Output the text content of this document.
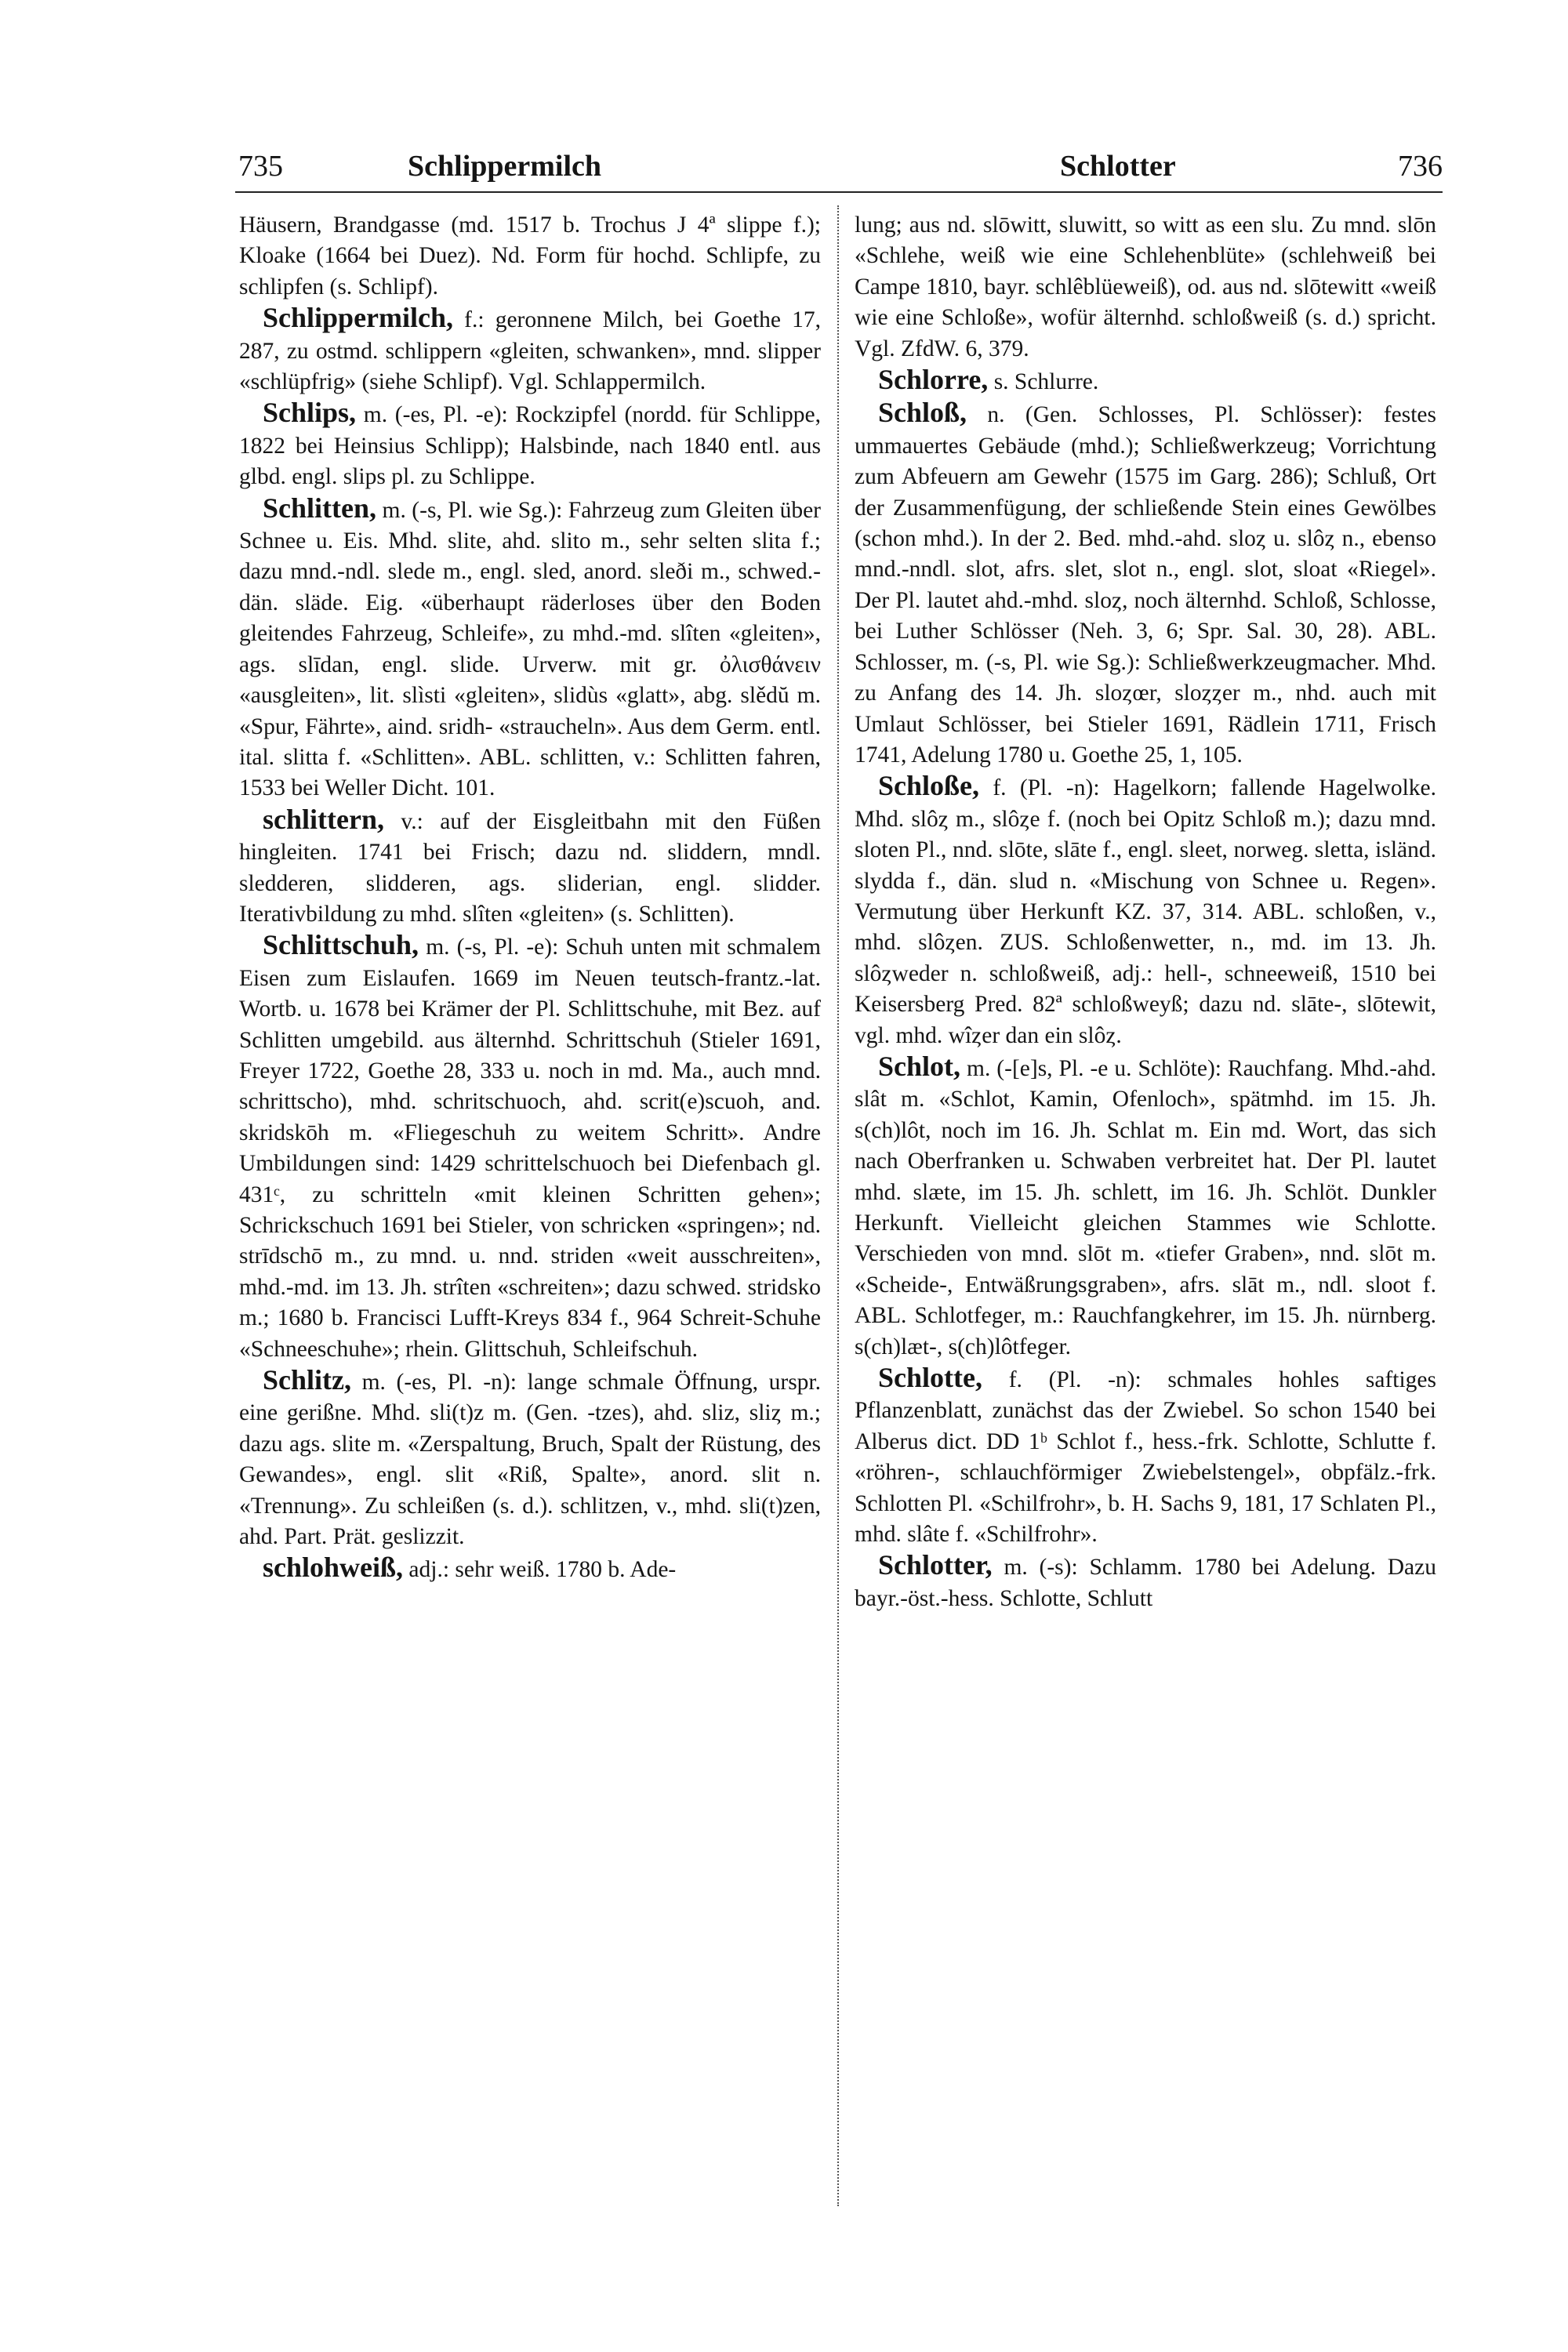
735	Schlippermilch	Schlotter	736

Häusern, Brandgasse (md. 1517 b. Trochus J 4ª slippe f.); Kloake (1664 bei Duez). Nd. Form für hochd. Schlipfe, zu schlipfen (s. Schlipf).

Schlippermilch, f.: geronnene Milch, bei Goethe 17, 287, zu ostmd. schlippern «gleiten, schwanken», mnd. slipper «schlüpfrig» (siehe Schlipf). Vgl. Schlappermilch.

Schlips, m. (-es, Pl. -e): Rockzipfel (nordd. für Schlippe, 1822 bei Heinsius Schlipp); Halsbinde, nach 1840 entl. aus glbd. engl. slips pl. zu Schlippe.

Schlitten, m. (-s, Pl. wie Sg.): Fahrzeug zum Gleiten über Schnee u. Eis. Mhd. slite, ahd. slito m., sehr selten slita f.; dazu mnd.-ndl. slede m., engl. sled, anord. sleði m., schwed.-dän. släde. Eig. «überhaupt räderloses über den Boden gleitendes Fahrzeug, Schleife», zu mhd.-md. slîten «gleiten», ags. slīdan, engl. slide. Urverw. mit gr. ὀλισθάνειν «ausgleiten», lit. slìsti «gleiten», slidùs «glatt», abg. slědŭ m. «Spur, Fährte», aind. sridh- «straucheln». Aus dem Germ. entl. ital. slitta f. «Schlitten». ABL. schlitten, v.: Schlitten fahren, 1533 bei Weller Dicht. 101.

schlittern, v.: auf der Eisgleitbahn mit den Füßen hingleiten. 1741 bei Frisch; dazu nd. sliddern, mndl. sledderen, slidderen, ags. sliderian, engl. slidder. Iterativbildung zu mhd. slîten «gleiten» (s. Schlitten).

Schlittschuh, m. (-s, Pl. -e): Schuh unten mit schmalem Eisen zum Eislaufen. 1669 im Neuen teutsch-frantz.-lat. Wortb. u. 1678 bei Krämer der Pl. Schlittschuhe, mit Bez. auf Schlitten umgebild. aus älternhd. Schrittschuh (Stieler 1691, Freyer 1722, Goethe 28, 333 u. noch in md. Ma., auch mnd. schrittscho), mhd. schritschuoch, ahd. scrit(e)scuoh, and. skridskōh m. «Fliegeschuh zu weitem Schritt». Andre Umbildungen sind: 1429 schrittelschuoch bei Diefenbach gl. 431ᶜ, zu schritteln «mit kleinen Schritten gehen»; Schrickschuch 1691 bei Stieler, von schricken «springen»; nd. strīdschō m., zu mnd. u. nnd. striden «weit ausschreiten», mhd.-md. im 13. Jh. strîten «schreiten»; dazu schwed. stridsko m.; 1680 b. Francisci Lufft-Kreys 834 f., 964 Schreit-Schuhe «Schneeschuhe»; rhein. Glittschuh, Schleifschuh.

Schlitz, m. (-es, Pl. -n): lange schmale Öffnung, urspr. eine gerißne. Mhd. sli(t)z m. (Gen. -tzes), ahd. sliz, sliȥ m.; dazu ags. slite m. «Zerspaltung, Bruch, Spalt der Rüstung, des Gewandes», engl. slit «Riß, Spalte», anord. slit n. «Trennung». Zu schleißen (s. d.). schlitzen, v., mhd. sli(t)zen, ahd. Part. Prät. geslizzit.

schlohweiß, adj.: sehr weiß. 1780 b. Ade-

lung; aus nd. slōwitt, sluwitt, so witt as een slu. Zu mnd. slōn «Schlehe, weiß wie eine Schlehenblüte» (schlehweiß bei Campe 1810, bayr. schlêblüeweiß), od. aus nd. slōtewitt «weiß wie eine Schloße», wofür älternhd. schloßweiß (s. d.) spricht. Vgl. ZfdW. 6, 379.

Schlorre, s. Schlurre.

Schloß, n. (Gen. Schlosses, Pl. Schlösser): festes ummauertes Gebäude (mhd.); Schließwerkzeug; Vorrichtung zum Abfeuern am Gewehr (1575 im Garg. 286); Schluß, Ort der Zusammenfügung, der schließende Stein eines Gewölbes (schon mhd.). In der 2. Bed. mhd.-ahd. sloȥ u. slôȥ n., ebenso mnd.-nndl. slot, afrs. slet, slot n., engl. slot, sloat «Riegel». Der Pl. lautet ahd.-mhd. sloȥ, noch älternhd. Schloß, Schlosse, bei Luther Schlösser (Neh. 3, 6; Spr. Sal. 30, 28). ABL. Schlosser, m. (-s, Pl. wie Sg.): Schließwerkzeugmacher. Mhd. zu Anfang des 14. Jh. sloȥœr, sloȥȥer m., nhd. auch mit Umlaut Schlösser, bei Stieler 1691, Rädlein 1711, Frisch 1741, Adelung 1780 u. Goethe 25, 1, 105.

Schloße, f. (Pl. -n): Hagelkorn; fallende Hagelwolke. Mhd. slôȥ m., slôȥe f. (noch bei Opitz Schloß m.); dazu mnd. sloten Pl., nnd. slōte, slāte f., engl. sleet, norweg. sletta, isländ. slydda f., dän. slud n. «Mischung von Schnee u. Regen». Vermutung über Herkunft KZ. 37, 314. ABL. schloßen, v., mhd. slôȥen. ZUS. Schloßenwetter, n., md. im 13. Jh. slôȥweder n. schloßweiß, adj.: hell-, schneeweiß, 1510 bei Keisersberg Pred. 82ª schloßweyß; dazu nd. slāte-, slōtewit, vgl. mhd. wîȥer dan ein slôȥ.

Schlot, m. (-[e]s, Pl. -e u. Schlöte): Rauchfang. Mhd.-ahd. slât m. «Schlot, Kamin, Ofenloch», spätmhd. im 15. Jh. s(ch)lôt, noch im 16. Jh. Schlat m. Ein md. Wort, das sich nach Oberfranken u. Schwaben verbreitet hat. Der Pl. lautet mhd. slæte, im 15. Jh. schlett, im 16. Jh. Schlöt. Dunkler Herkunft. Vielleicht gleichen Stammes wie Schlotte. Verschieden von mnd. slōt m. «tiefer Graben», nnd. slōt m. «Scheide-, Entwäßrungsgraben», afrs. slāt m., ndl. sloot f. ABL. Schlotfeger, m.: Rauchfangkehrer, im 15. Jh. nürnberg. s(ch)læt-, s(ch)lôtfeger.

Schlotte, f. (Pl. -n): schmales hohles saftiges Pflanzenblatt, zunächst das der Zwiebel. So schon 1540 bei Alberus dict. DD 1ᵇ Schlot f., hess.-frk. Schlotte, Schlutte f. «röhren-, schlauchförmiger Zwiebelstengel», obpfälz.-frk. Schlotten Pl. «Schilfrohr», b. H. Sachs 9, 181, 17 Schlaten Pl., mhd. slâte f. «Schilfrohr».

Schlotter, m. (-s): Schlamm. 1780 bei Adelung. Dazu bayr.-öst.-hess. Schlotte, Schlutt
